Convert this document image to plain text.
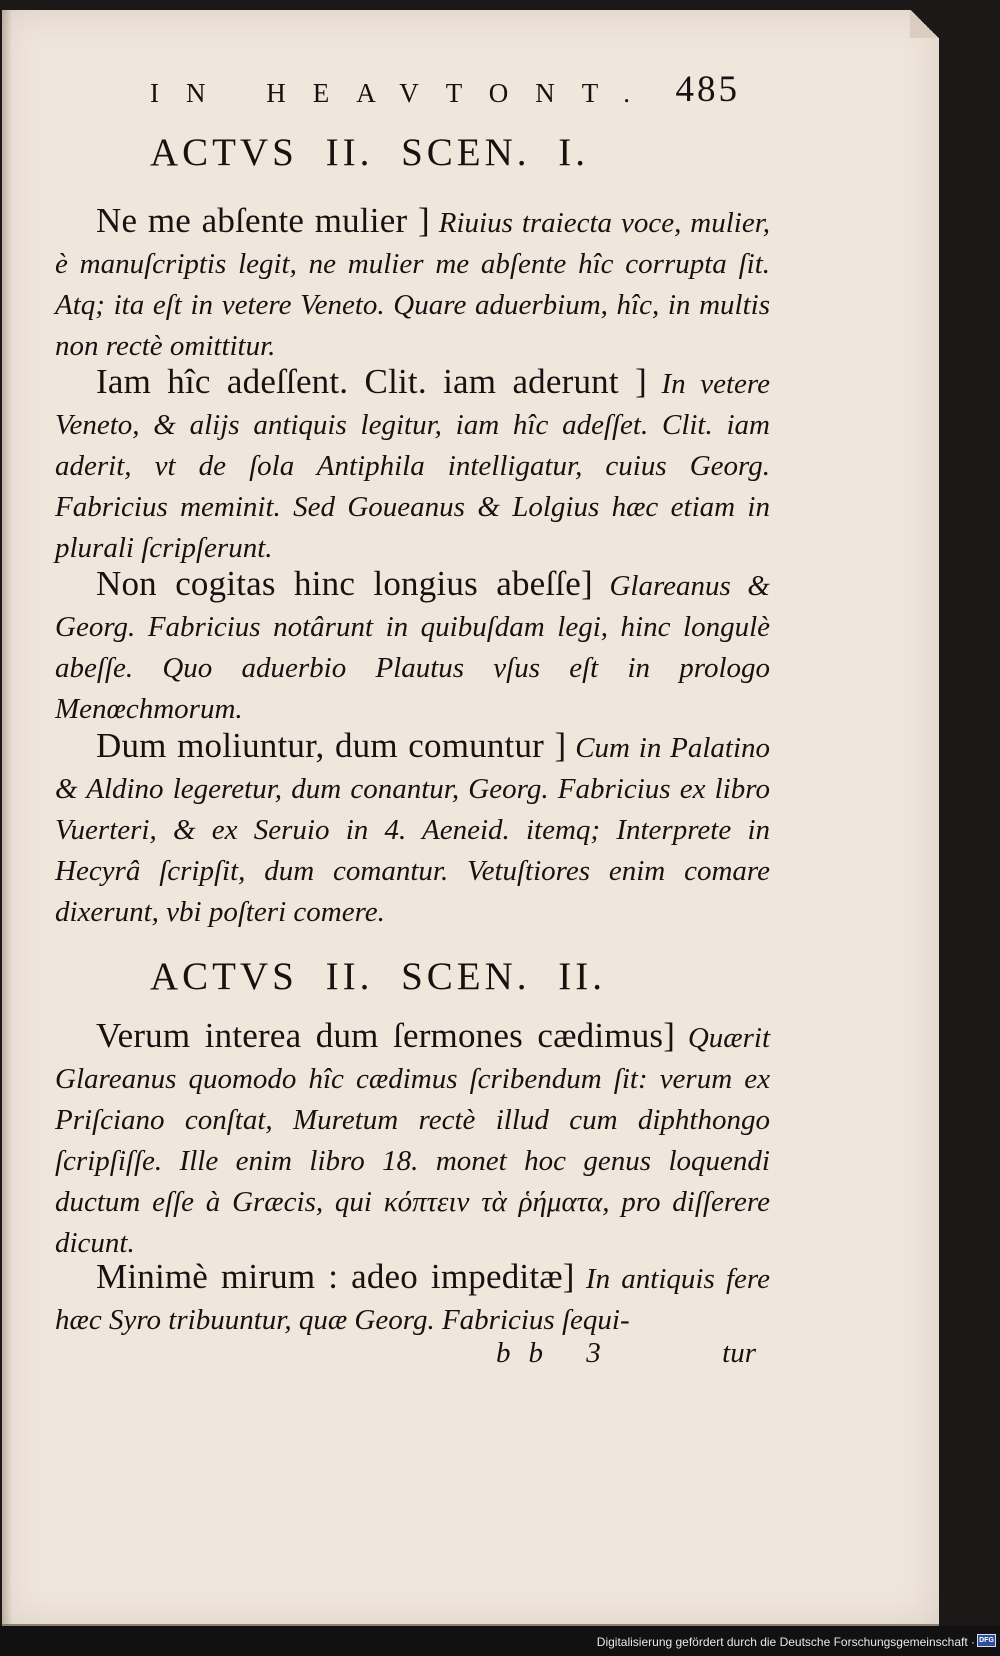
IN HEAVTONT. 485
ACTVS II. SCEN. I.
Ne me abſente mulier ] Riuius traiecta voce, mulier, è manuſcriptis legit, ne mulier me abſente hîc corrupta ſit. Atq; ita eſt in vetere Veneto. Quare aduerbium, hîc, in multis non rectè omittitur.
Iam hîc adeſſent. Clit. iam aderunt ] In vetere Veneto, & alijs antiquis legitur, iam hîc adeſſet. Clit. iam aderit, vt de ſola Antiphila intelligatur, cuius Georg. Fabricius meminit. Sed Goueanus & Lolgius hæc etiam in plurali ſcripſerunt.
Non cogitas hinc longius abeſſe] Glareanus & Georg. Fabricius notârunt in quibuſdam legi, hinc longulè abeſſe. Quo aduerbio Plautus vſus eſt in prologo Menœchmorum.
Dum moliuntur, dum comuntur ] Cum in Palatino & Aldino legeretur, dum conantur, Georg. Fabricius ex libro Vuerteri, & ex Seruio in 4. Aeneid. itemq; Interprete in Hecyrâ ſcripſit, dum comantur. Vetuſtiores enim comare dixerunt, vbi poſteri comere.
ACTVS II. SCEN. II.
Verum interea dum ſermones cædimus] Quærit Glareanus quomodo hîc cædimus ſcribendum ſit: verum ex Priſciano conſtat, Muretum rectè illud cum diphthongo ſcripſiſſe. Ille enim libro 18. monet hoc genus loquendi ductum eſſe à Græcis, qui κόπτειν τὰ ῥήματα, pro diſſerere dicunt.
Minimè mirum : adeo impeditæ] In antiquis fere hæc Syro tribuuntur, quæ Georg. Fabricius ſequi-
bb 3	tur
Digitalisierung gefördert durch die Deutsche Forschungsgemeinschaft · DFG
